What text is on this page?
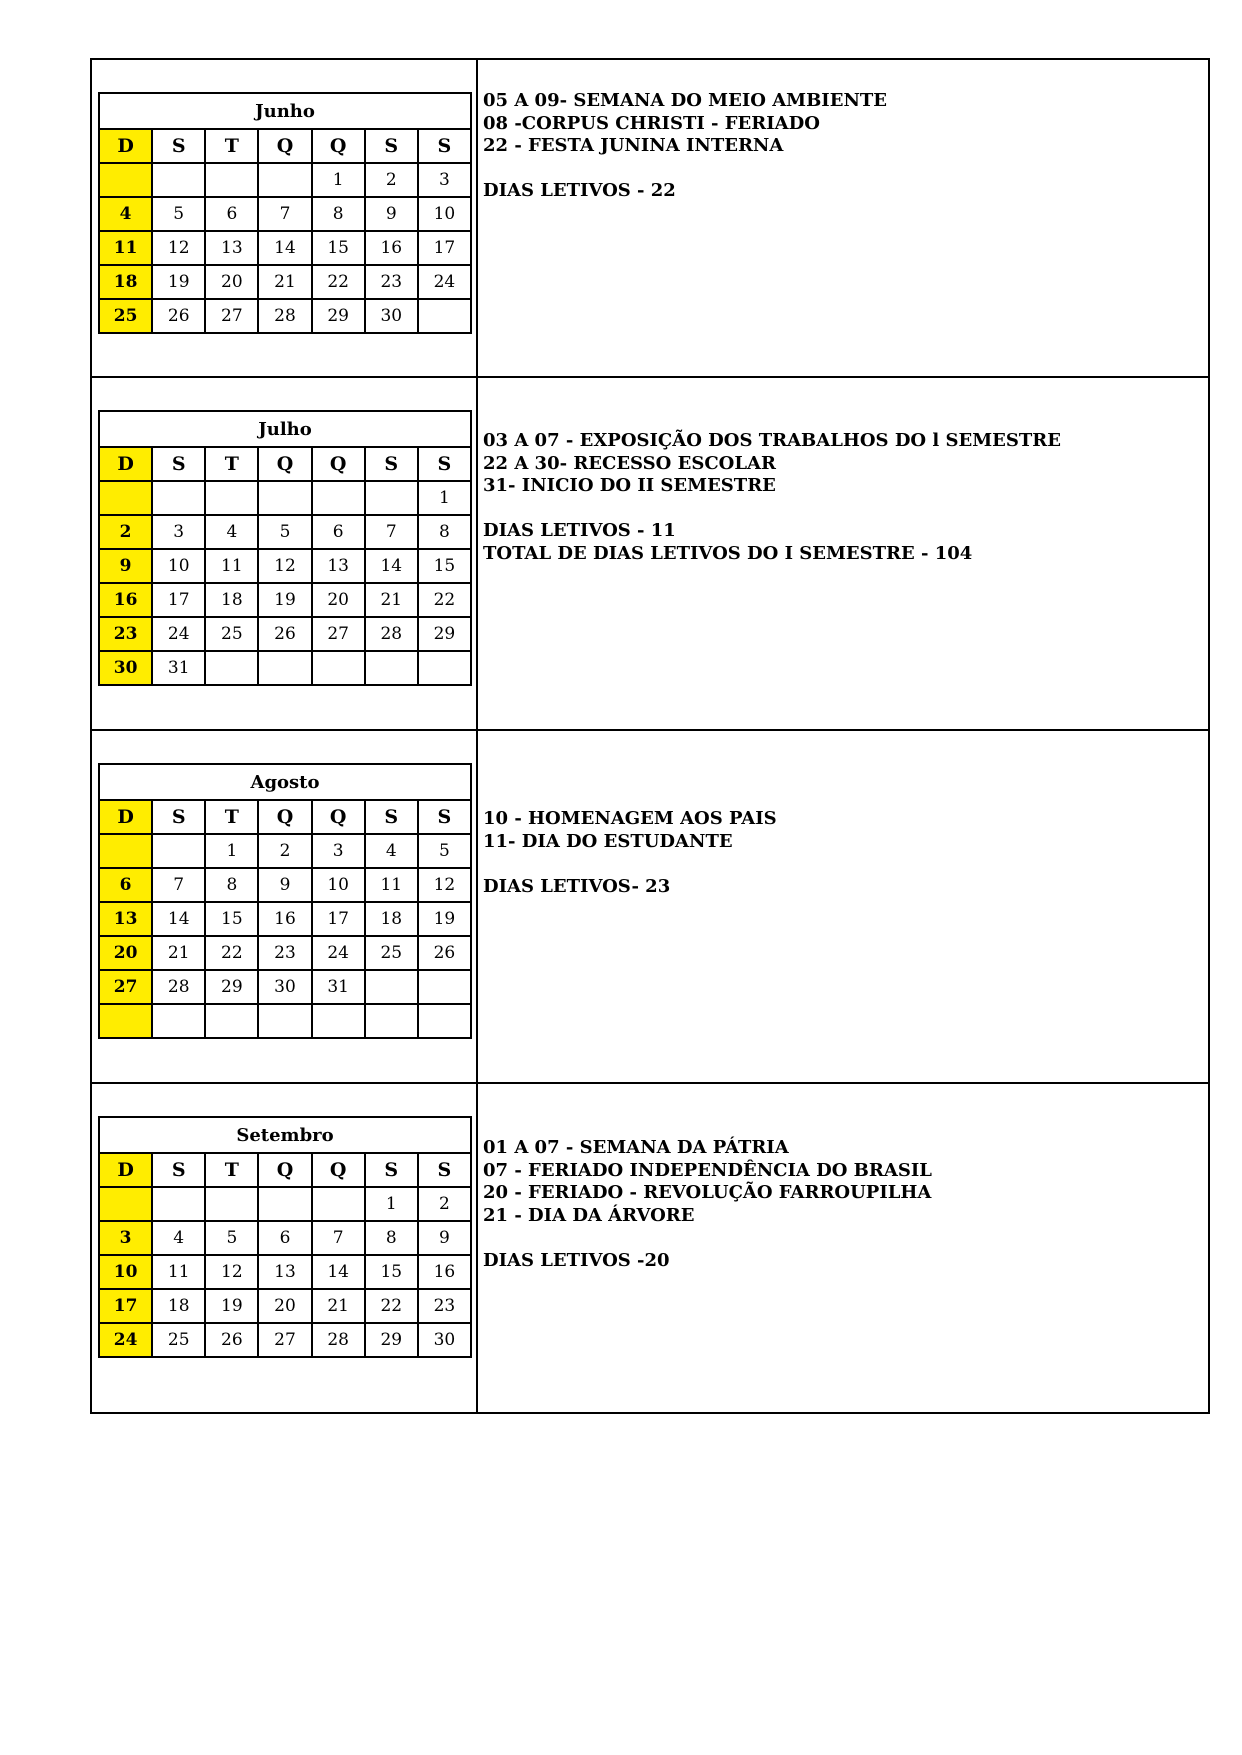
Junho						
D	S	T	Q	Q	S	S
				1	2	3
4	5	6	7	8	9	10
11	12	13	14	15	16	17
18	19	20	21	22	23	24
25	26	27	28	29	30	
05 A 09- SEMANA DO MEIO AMBIENTE
08 -CORPUS CHRISTI - FERIADO
22 - FESTA JUNINA INTERNA
DIAS LETIVOS - 22
Julho						
D	S	T	Q	Q	S	S
						1
2	3	4	5	6	7	8
9	10	11	12	13	14	15
16	17	18	19	20	21	22
23	24	25	26	27	28	29
30	31					
03 A 07 - EXPOSIÇÃO DOS TRABALHOS DO l SEMESTRE
22 A 30- RECESSO ESCOLAR
31- INICIO DO II SEMESTRE
DIAS LETIVOS - 11
TOTAL DE DIAS LETIVOS DO I SEMESTRE - 104
Agosto						
D	S	T	Q	Q	S	S
		1	2	3	4	5
6	7	8	9	10	11	12
13	14	15	16	17	18	19
20	21	22	23	24	25	26
27	28	29	30	31		

10 - HOMENAGEM AOS PAIS
11- DIA DO ESTUDANTE
DIAS LETIVOS- 23
Setembro						
D	S	T	Q	Q	S	S
					1	2
3	4	5	6	7	8	9
10	11	12	13	14	15	16
17	18	19	20	21	22	23
24	25	26	27	28	29	30
01 A 07 - SEMANA DA PÁTRIA
07 - FERIADO INDEPENDÊNCIA DO BRASIL
20 - FERIADO - REVOLUÇÃO FARROUPILHA
21 - DIA DA ÁRVORE
DIAS LETIVOS -20
